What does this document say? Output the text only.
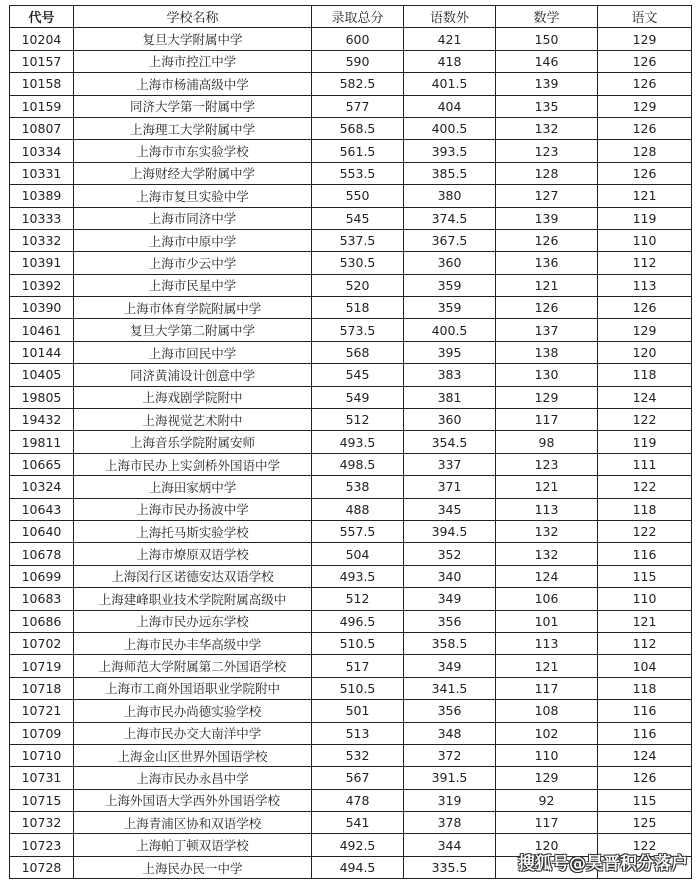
代号	学校名称	录取总分	语数外	数学	语文
10204	复旦大学附属中学	600	421	150	129
10157	上海市控江中学	590	418	146	126
10158	上海市杨浦高级中学	582.5	401.5	139	126
10159	同济大学第一附属中学	577	404	135	129
10807	上海理工大学附属中学	568.5	400.5	132	126
10334	上海市市东实验学校	561.5	393.5	123	128
10331	上海财经大学附属中学	553.5	385.5	128	126
10389	上海市复旦实验中学	550	380	127	121
10333	上海市同济中学	545	374.5	139	119
10332	上海市中原中学	537.5	367.5	126	110
10391	上海市少云中学	530.5	360	136	112
10392	上海市民星中学	520	359	121	113
10390	上海市体育学院附属中学	518	359	126	126
10461	复旦大学第二附属中学	573.5	400.5	137	129
10144	上海市回民中学	568	395	138	120
10405	同济黄浦设计创意中学	545	383	130	118
19805	上海戏剧学院附中	549	381	129	124
19432	上海视觉艺术附中	512	360	117	122
19811	上海音乐学院附属安师	493.5	354.5	98	119
10665	上海市民办上实剑桥外国语中学	498.5	337	123	111
10324	上海田家炳中学	538	371	121	122
10643	上海市民办扬波中学	488	345	113	118
10640	上海托马斯实验学校	557.5	394.5	132	122
10678	上海市燎原双语学校	504	352	132	116
10699	上海闵行区诺德安达双语学校	493.5	340	124	115
10683	上海建峰职业技术学院附属高级中	512	349	106	110
10686	上海市民办远东学校	496.5	356	101	121
10702	上海市民办丰华高级中学	510.5	358.5	113	112
10719	上海师范大学附属第二外国语学校	517	349	121	104
10718	上海市工商外国语职业学院附中	510.5	341.5	117	118
10721	上海市民办尚德实验学校	501	356	108	116
10709	上海市民办交大南洋中学	513	348	102	116
10710	上海金山区世界外国语学校	532	372	110	124
10731	上海市民办永昌中学	567	391.5	129	126
10715	上海外国语大学西外外国语学校	478	319	92	115
10732	上海青浦区协和双语学校	541	378	117	125
10723	上海帕丁顿双语学校	492.5	344	120	122
10728	上海民办民一中学	494.5	335.5			搜狐号@昊晋积分落户
